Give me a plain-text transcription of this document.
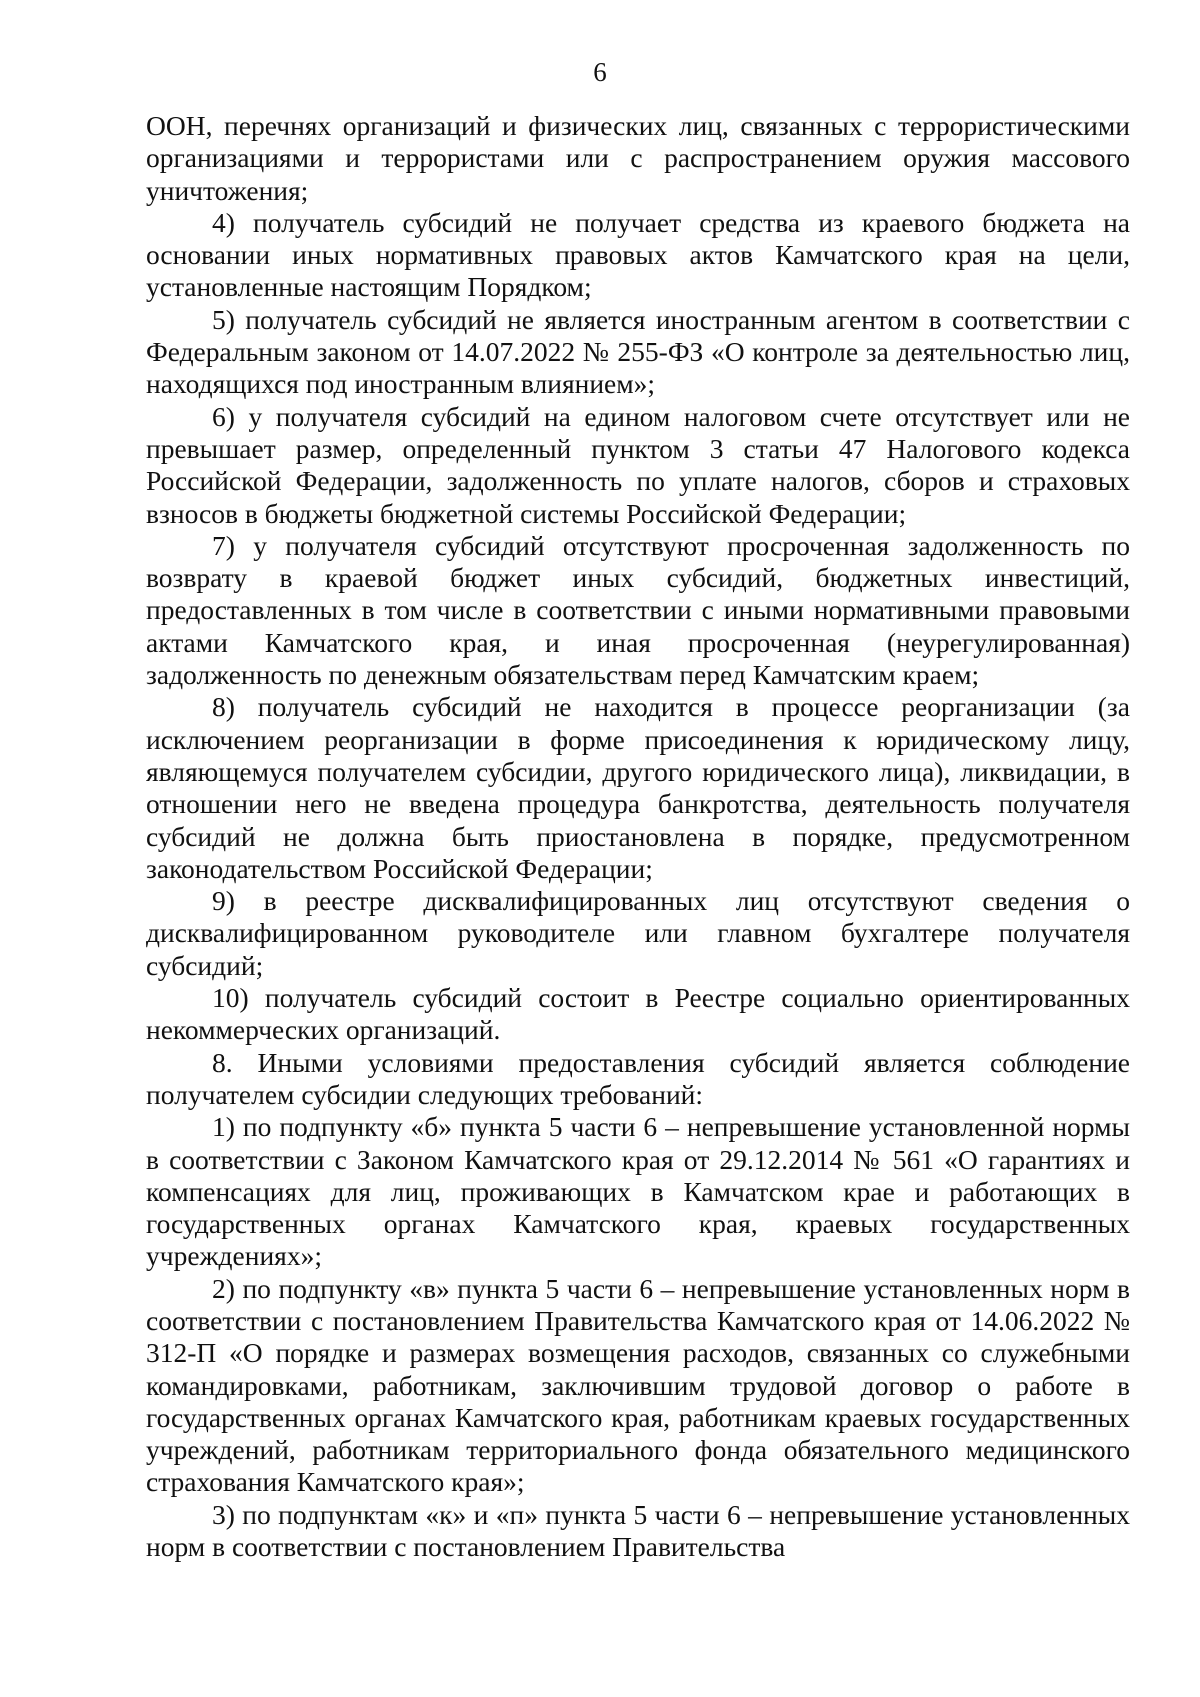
6

ООН, перечнях организаций и физических лиц, связанных с террористическими организациями и террористами или с распространением оружия массового уничтожения;

4) получатель субсидий не получает средства из краевого бюджета на основании иных нормативных правовых актов Камчатского края на цели, установленные настоящим Порядком;

5) получатель субсидий не является иностранным агентом в соответствии с Федеральным законом от 14.07.2022 № 255-ФЗ «О контроле за деятельностью лиц, находящихся под иностранным влиянием»;

6) у получателя субсидий на едином налоговом счете отсутствует или не превышает размер, определенный пунктом 3 статьи 47 Налогового кодекса Российской Федерации, задолженность по уплате налогов, сборов и страховых взносов в бюджеты бюджетной системы Российской Федерации;

7) у получателя субсидий отсутствуют просроченная задолженность по возврату в краевой бюджет иных субсидий, бюджетных инвестиций, предоставленных в том числе в соответствии с иными нормативными правовыми актами Камчатского края, и иная просроченная (неурегулированная) задолженность по денежным обязательствам перед Камчатским краем;

8) получатель субсидий не находится в процессе реорганизации (за исключением реорганизации в форме присоединения к юридическому лицу, являющемуся получателем субсидии, другого юридического лица), ликвидации, в отношении него не введена процедура банкротства, деятельность получателя субсидий не должна быть приостановлена в порядке, предусмотренном законодательством Российской Федерации;

9) в реестре дисквалифицированных лиц отсутствуют сведения о дисквалифицированном руководителе или главном бухгалтере получателя субсидий;

10) получатель субсидий состоит в Реестре социально ориентированных некоммерческих организаций.

8. Иными условиями предоставления субсидий является соблюдение получателем субсидии следующих требований:

1) по подпункту «б» пункта 5 части 6 – непревышение установленной нормы в соответствии с Законом Камчатского края от 29.12.2014 № 561 «О гарантиях и компенсациях для лиц, проживающих в Камчатском крае и работающих в государственных органах Камчатского края, краевых государственных учреждениях»;

2) по подпункту «в» пункта 5 части 6 – непревышение установленных норм в соответствии с постановлением Правительства Камчатского края от 14.06.2022 № 312-П «О порядке и размерах возмещения расходов, связанных со служебными командировками, работникам, заключившим трудовой договор о работе в государственных органах Камчатского края, работникам краевых государственных учреждений, работникам территориального фонда обязательного медицинского страхования Камчатского края»;

3) по подпунктам «к» и «п» пункта 5 части 6 – непревышение установленных норм в соответствии с постановлением Правительства
